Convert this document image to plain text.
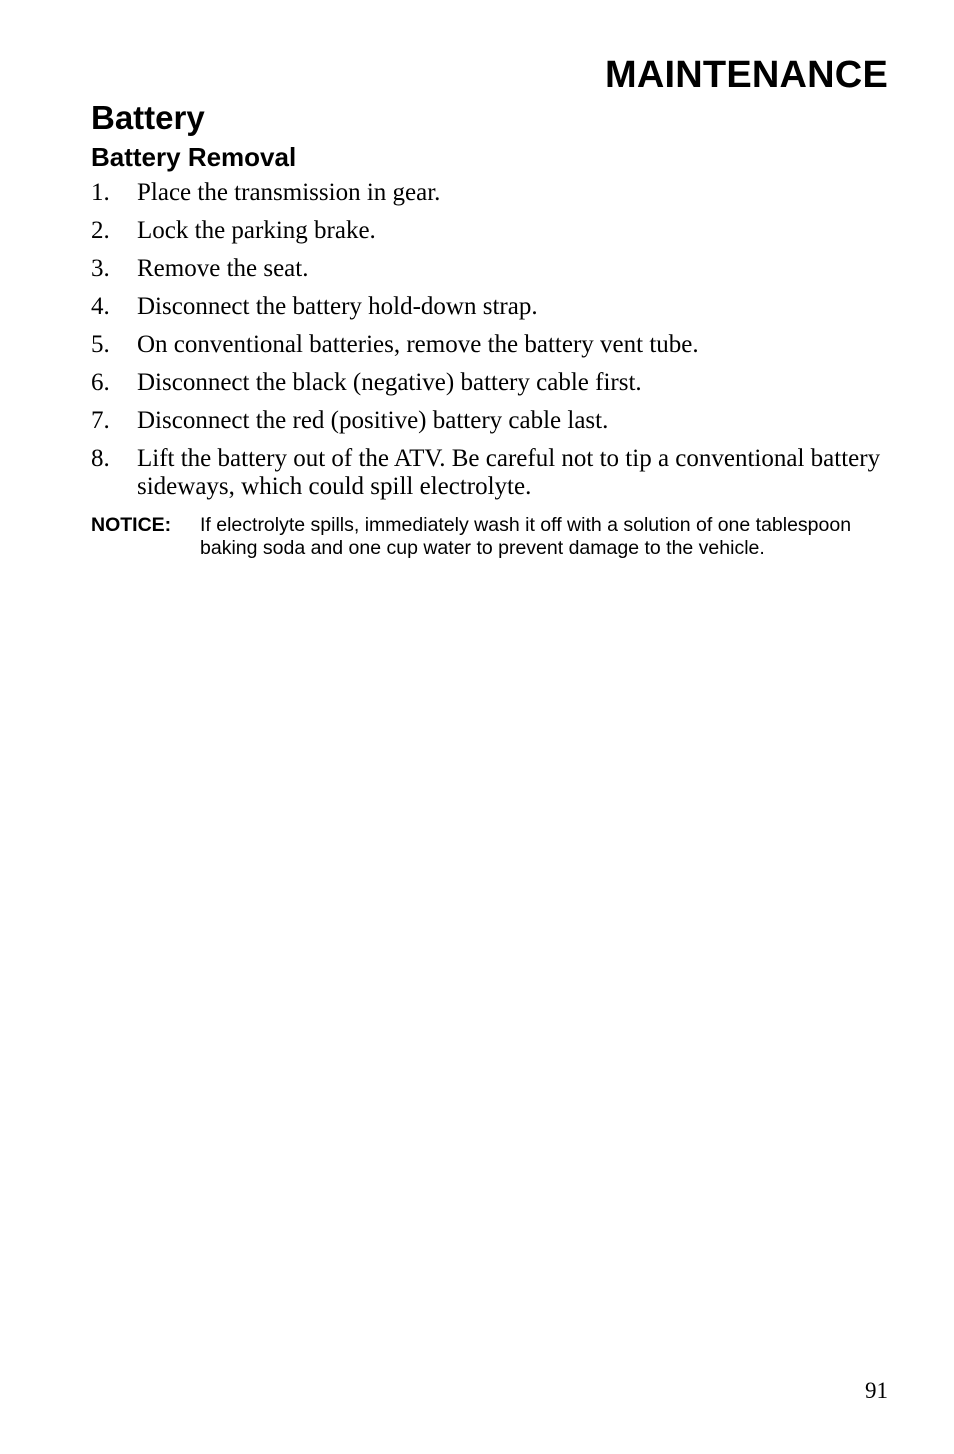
MAINTENANCE
Battery
Battery Removal
1.	Place the transmission in gear.
2.	Lock the parking brake.
3.	Remove the seat.
4.	Disconnect the battery hold-down strap.
5.	On conventional batteries, remove the battery vent tube.
6.	Disconnect the black (negative) battery cable first.
7.	Disconnect the red (positive) battery cable last.
8.	Lift the battery out of the ATV. Be careful not to tip a conventional battery sideways, which could spill electrolyte.
NOTICE:	If electrolyte spills, immediately wash it off with a solution of one tablespoon baking soda and one cup water to prevent damage to the vehicle.
91
